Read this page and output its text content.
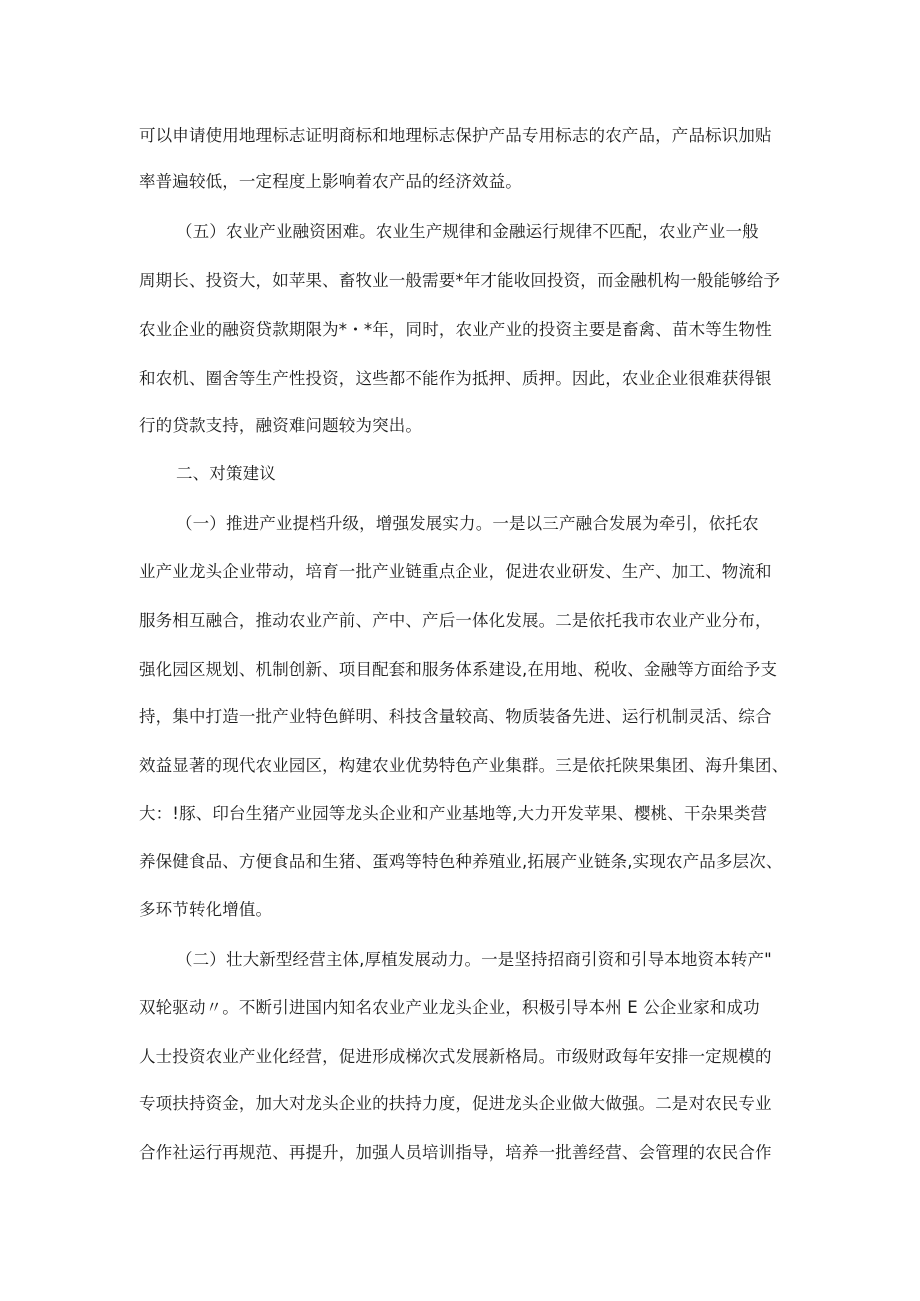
可以申请使用地理标志证明商标和地理标志保护产品专用标志的农产品，产品标识加贴
率普遍较低，一定程度上影响着农产品的经济效益。
（五）农业产业融资困难。农业生产规律和金融运行规律不匹配，农业产业一般
周期长、投资大，如苹果、畜牧业一般需要*年才能收回投资，而金融机构一般能够给予
农业企业的融资贷款期限为*・*年，同时，农业产业的投资主要是畜禽、苗木等生物性
和农机、圈舍等生产性投资，这些都不能作为抵押、质押。因此，农业企业很难获得银
行的贷款支持，融资难问题较为突出。
二、对策建议
（一）推进产业提档升级，增强发展实力。一是以三产融合发展为牵引，依托农
业产业龙头企业带动，培育一批产业链重点企业，促进农业研发、生产、加工、物流和
服务相互融合，推动农业产前、产中、产后一体化发展。二是依托我市农业产业分布，
强化园区规划、机制创新、项目配套和服务体系建设,在用地、税收、金融等方面给予支
持，集中打造一批产业特色鲜明、科技含量较高、物质装备先进、运行机制灵活、综合
效益显著的现代农业园区，构建农业优势特色产业集群。三是依托陕果集团、海升集团、
大：!豚、印台生猪产业园等龙头企业和产业基地等,大力开发苹果、樱桃、干杂果类营
养保健食品、方便食品和生猪、蛋鸡等特色种养殖业,拓展产业链条,实现农产品多层次、
多环节转化增值。
（二）壮大新型经营主体,厚植发展动力。一是坚持招商引资和引导本地资本转产"
双轮驱动〃。不断引进国内知名农业产业龙头企业，积极引导本州 E 公企业家和成功
人士投资农业产业化经营，促进形成梯次式发展新格局。市级财政每年安排一定规模的
专项扶持资金，加大对龙头企业的扶持力度，促进龙头企业做大做强。二是对农民专业
合作社运行再规范、再提升，加强人员培训指导，培养一批善经营、会管理的农民合作
